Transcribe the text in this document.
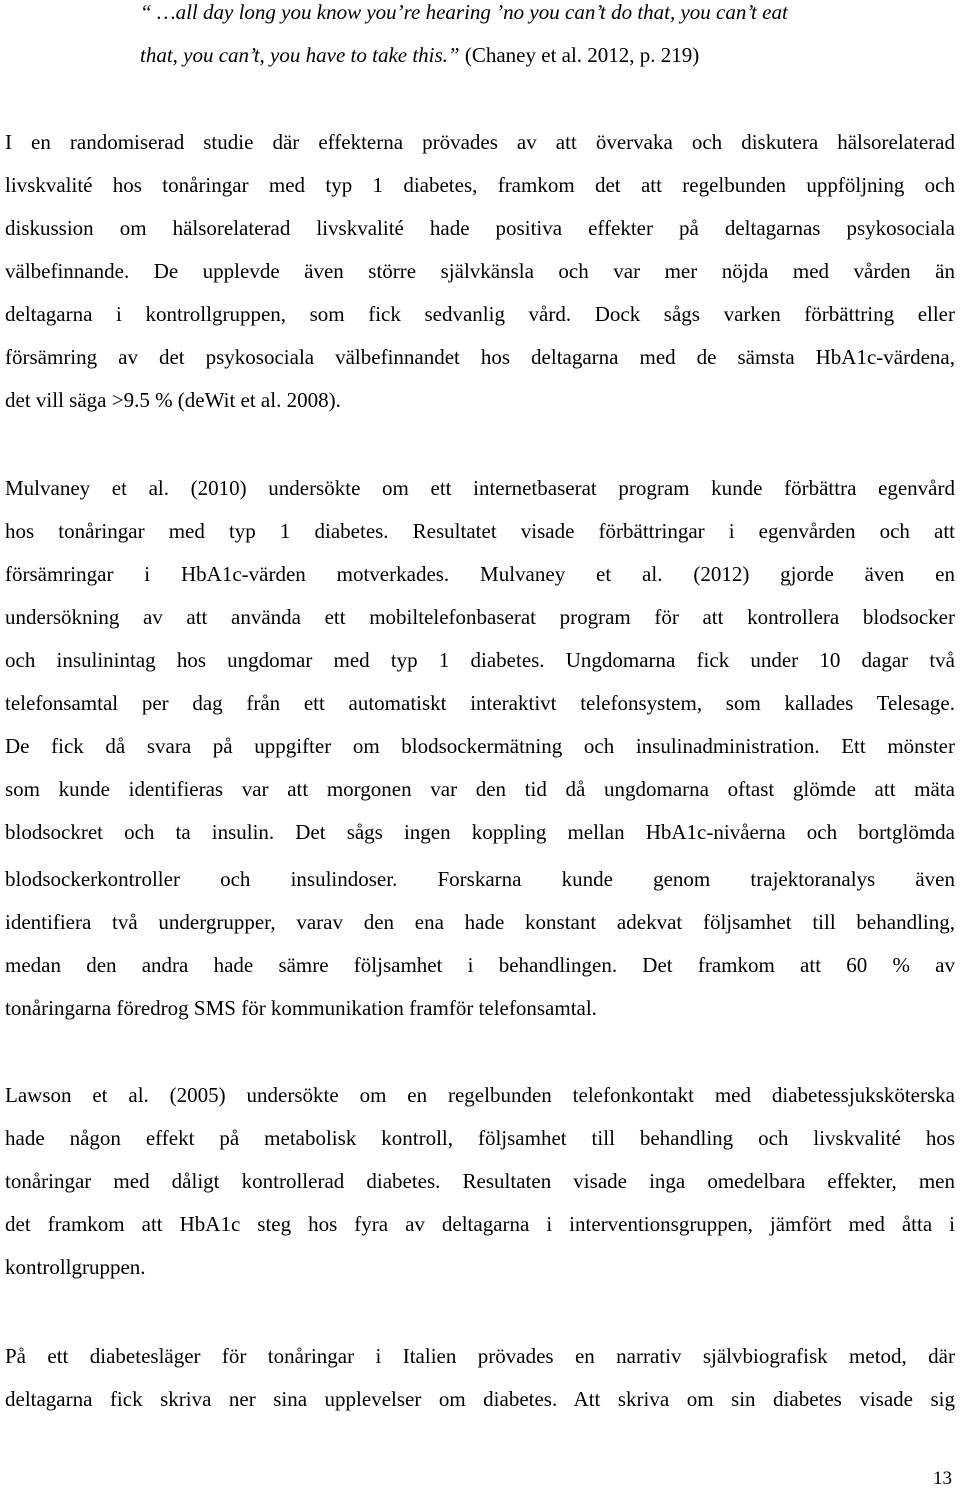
“ …all day long you know you’re hearing ’no you can’t do that, you can’t eat
that, you can’t, you have to take this.” (Chaney et al. 2012, p. 219)
I en randomiserad studie där effekterna prövades av att övervaka och diskutera hälsorelaterad
livskvalité hos tonåringar med typ 1 diabetes, framkom det att regelbunden uppföljning och
diskussion om hälsorelaterad livskvalité hade positiva effekter på deltagarnas psykosociala
välbefinnande. De upplevde även större självkänsla och var mer nöjda med vården än
deltagarna i kontrollgruppen, som fick sedvanlig vård. Dock sågs varken förbättring eller
försämring av det psykosociala välbefinnandet hos deltagarna med de sämsta HbA1c-värdena,
det vill säga >9.5 % (deWit et al. 2008).
Mulvaney et al. (2010) undersökte om ett internetbaserat program kunde förbättra egenvård
hos tonåringar med typ 1 diabetes. Resultatet visade förbättringar i egenvården och att
försämringar i HbA1c-värden motverkades. Mulvaney et al. (2012) gjorde även en
undersökning av att använda ett mobiltelefonbaserat program för att kontrollera blodsocker
och insulinintag hos ungdomar med typ 1 diabetes. Ungdomarna fick under 10 dagar två
telefonsamtal per dag från ett automatiskt interaktivt telefonsystem, som kallades Telesage.
De fick då svara på uppgifter om blodsockermätning och insulinadministration. Ett mönster
som kunde identifieras var att morgonen var den tid då ungdomarna oftast glömde att mäta
blodsockret och ta insulin. Det sågs ingen koppling mellan HbA1c-nivåerna och bortglömda
blodsockerkontroller och insulindoser. Forskarna kunde genom trajektoranalys även
identifiera två undergrupper, varav den ena hade konstant adekvat följsamhet till behandling,
medan den andra hade sämre följsamhet i behandlingen. Det framkom att 60 % av
tonåringarna föredrog SMS för kommunikation framför telefonsamtal.
Lawson et al. (2005) undersökte om en regelbunden telefonkontakt med diabetessjuksköterska
hade någon effekt på metabolisk kontroll, följsamhet till behandling och livskvalité hos
tonåringar med dåligt kontrollerad diabetes. Resultaten visade inga omedelbara effekter, men
det framkom att HbA1c steg hos fyra av deltagarna i interventionsgruppen, jämfört med åtta i
kontrollgruppen.
På ett diabetesläger för tonåringar i Italien prövades en narrativ självbiografisk metod, där
deltagarna fick skriva ner sina upplevelser om diabetes. Att skriva om sin diabetes visade sig
13
